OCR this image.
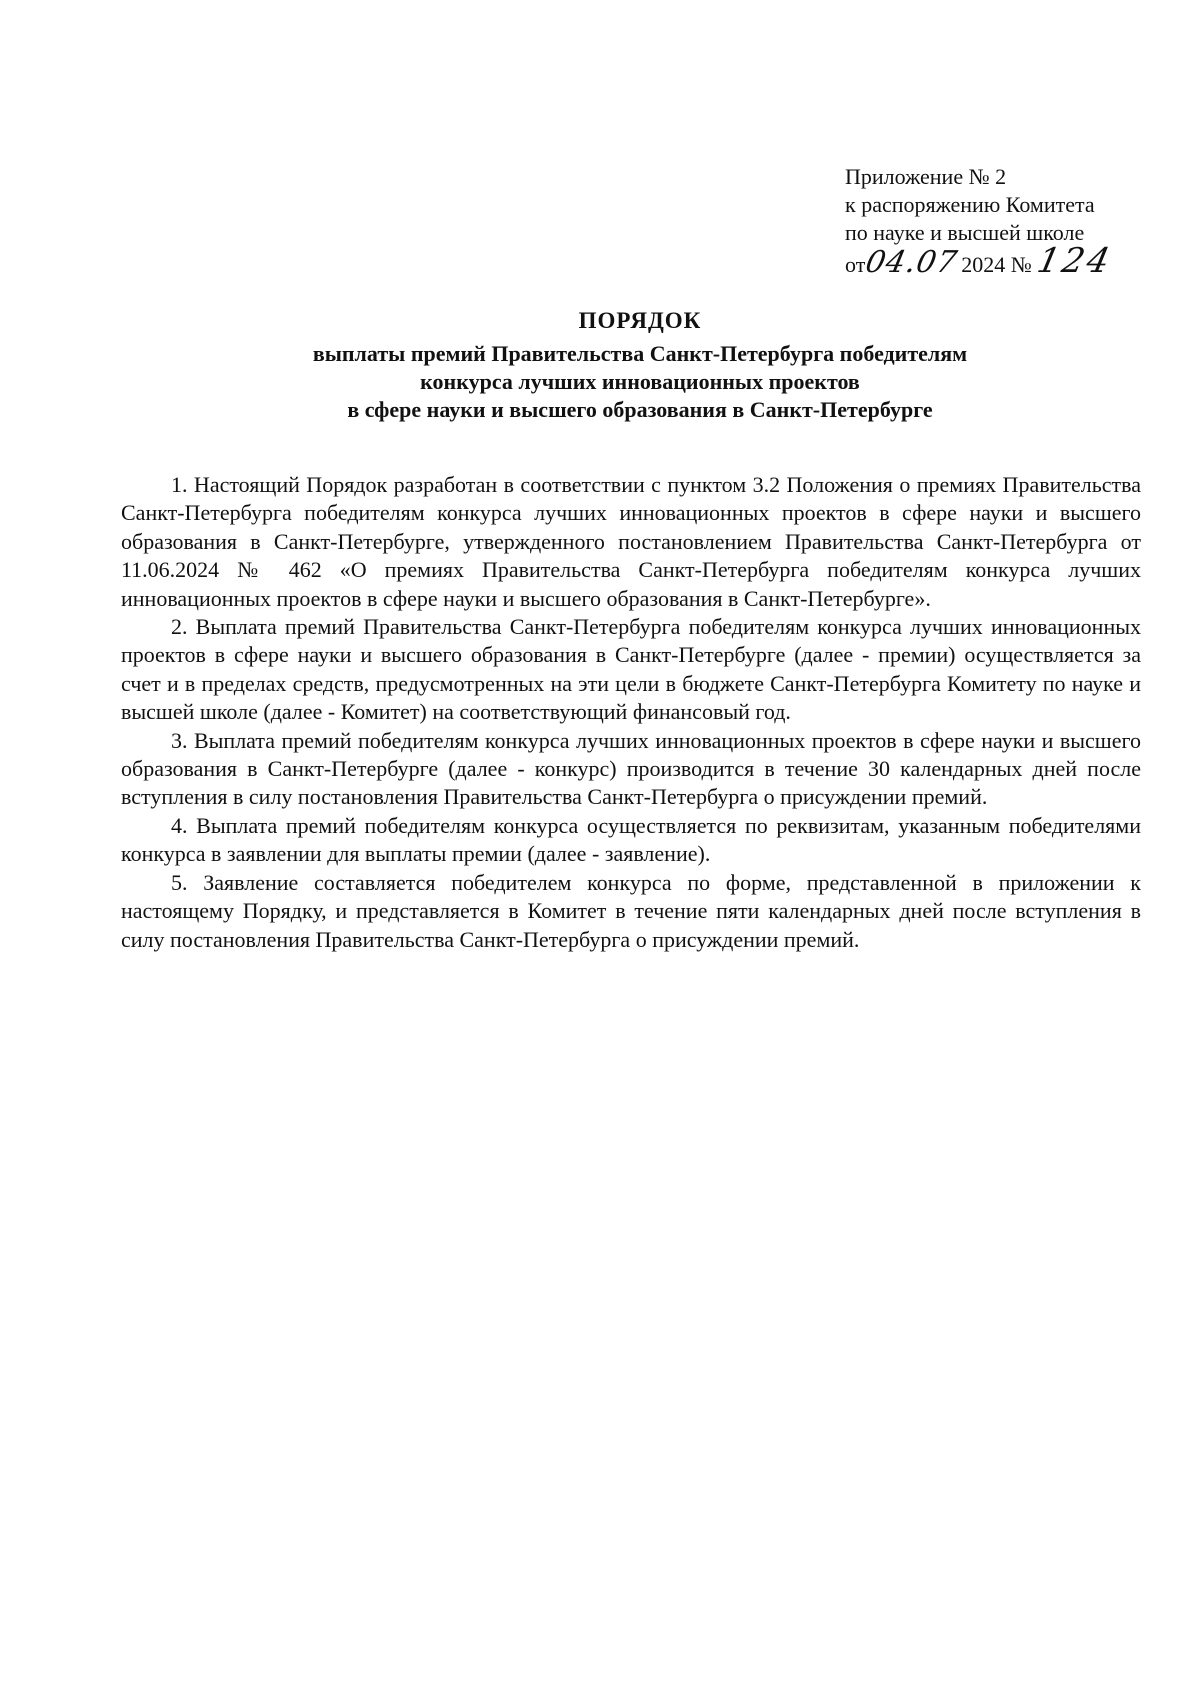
Приложение № 2
к распоряжению Комитета
по науке и высшей школе
от04.072024 №124
ПОРЯДОК
выплаты премий Правительства Санкт-Петербурга победителям
конкурса лучших инновационных проектов
в сфере науки и высшего образования в Санкт-Петербурге

1. Настоящий Порядок разработан в соответствии с пунктом 3.2 Положения о премиях Правительства Санкт-Петербурга победителям конкурса лучших инновационных проектов в сфере науки и высшего образования в Санкт-Петербурге, утвержденного постановлением Правительства Санкт-Петербурга от 11.06.2024 № 462 «О премиях Правительства Санкт-Петербурга победителям конкурса лучших инновационных проектов в сфере науки и высшего образования в Санкт-Петербурге».

2. Выплата премий Правительства Санкт-Петербурга победителям конкурса лучших инновационных проектов в сфере науки и высшего образования в Санкт-Петербурге (далее - премии) осуществляется за счет и в пределах средств, предусмотренных на эти цели в бюджете Санкт-Петербурга Комитету по науке и высшей школе (далее - Комитет) на соответствующий финансовый год.

3. Выплата премий победителям конкурса лучших инновационных проектов в сфере науки и высшего образования в Санкт-Петербурге (далее - конкурс) производится в течение 30 календарных дней после вступления в силу постановления Правительства Санкт-Петербурга о присуждении премий.

4. Выплата премий победителям конкурса осуществляется по реквизитам, указанным победителями конкурса в заявлении для выплаты премии (далее - заявление).

5. Заявление составляется победителем конкурса по форме, представленной в приложении к настоящему Порядку, и представляется в Комитет в течение пяти календарных дней после вступления в силу постановления Правительства Санкт-Петербурга о присуждении премий.
